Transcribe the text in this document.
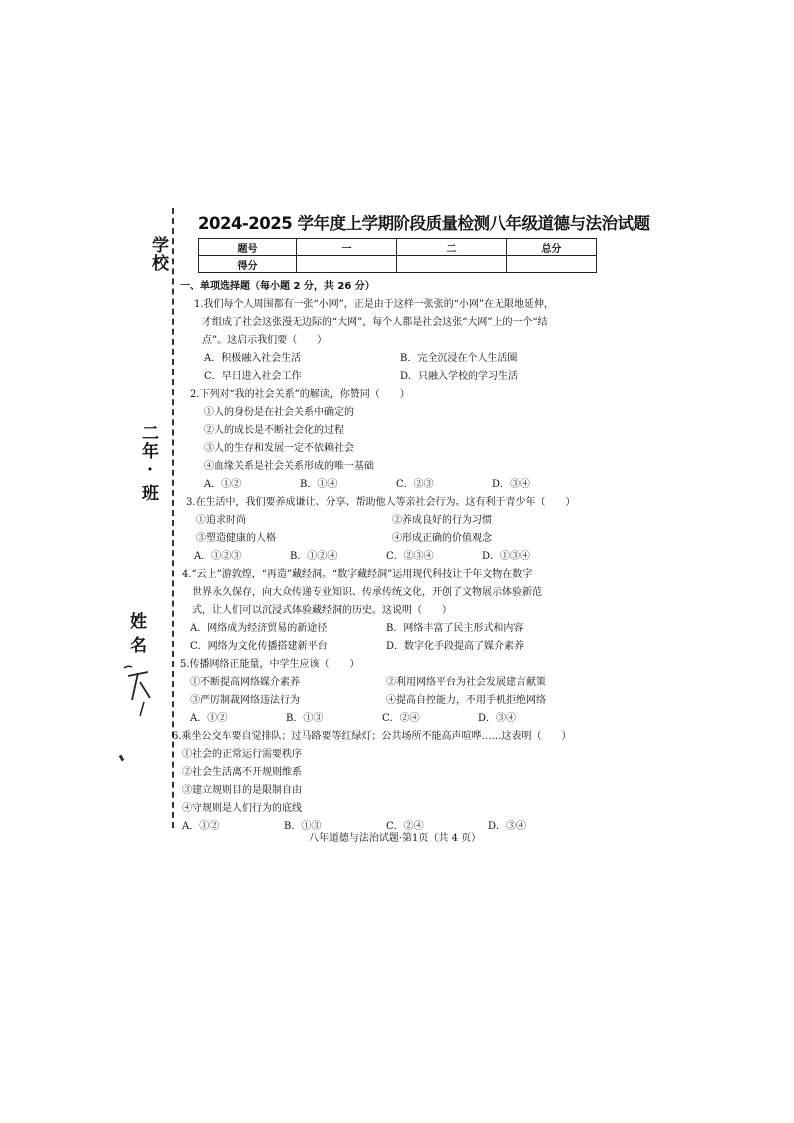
学
校
二
年
·
班
姓
名
2024-2025 学年度上学期阶段质量检测八年级道德与法治试题
题号	一	二	总分
得分			
一、单项选择题（每小题 2 分，共 26 分）
1.我们每个人周围都有一张“小网”，正是由于这样一张张的“小网”在无限地延伸，
才组成了社会这张漫无边际的“大网”，每个人都是社会这张“大网”上的一个“结
点”。这启示我们要（　　）
A．积极融入社会生活	B．完全沉浸在个人生活圈
C．早日进入社会工作	D．只融入学校的学习生活
2.下列对“我的社会关系”的解读，你赞同（　　）
①人的身份是在社会关系中确定的
②人的成长是不断社会化的过程
③人的生存和发展一定不依赖社会
④血缘关系是社会关系形成的唯一基础
A．①②	B．①④	C．②③	D．③④
3.在生活中，我们要养成谦让、分享、帮助他人等亲社会行为。这有利于青少年（　　）
①追求时尚	②养成良好的行为习惯
③塑造健康的人格	④形成正确的价值观念
A．①②③	B．①②④	C．②③④	D．①③④
4.“云上”游敦煌，“再造”藏经洞。“数字藏经洞”运用现代科技让千年文物在数字
世界永久保存，向大众传递专业知识、传承传统文化，开创了文物展示体验新范
式，让人们可以沉浸式体验藏经洞的历史。这说明（　　）
A．网络成为经济贸易的新途径	B．网络丰富了民主形式和内容
C．网络为文化传播搭建新平台	D．数字化手段提高了媒介素养
5.传播网络正能量，中学生应该（　　）
①不断提高网络媒介素养	②利用网络平台为社会发展建言献策
③严厉制裁网络违法行为	④提高自控能力，不用手机拒绝网络
A．①②	B．①③	C．②④	D．③④
6.乘坐公交车要自觉排队；过马路要等红绿灯；公共场所不能高声喧哗……这表明（　　）
①社会的正常运行需要秩序
②社会生活离不开规则维系
③建立规则目的是限制自由
④守规则是人们行为的底线
A．①②	B．①③	C．②④	D．③④
八年道德与法治试题·第1页（共 4 页）
